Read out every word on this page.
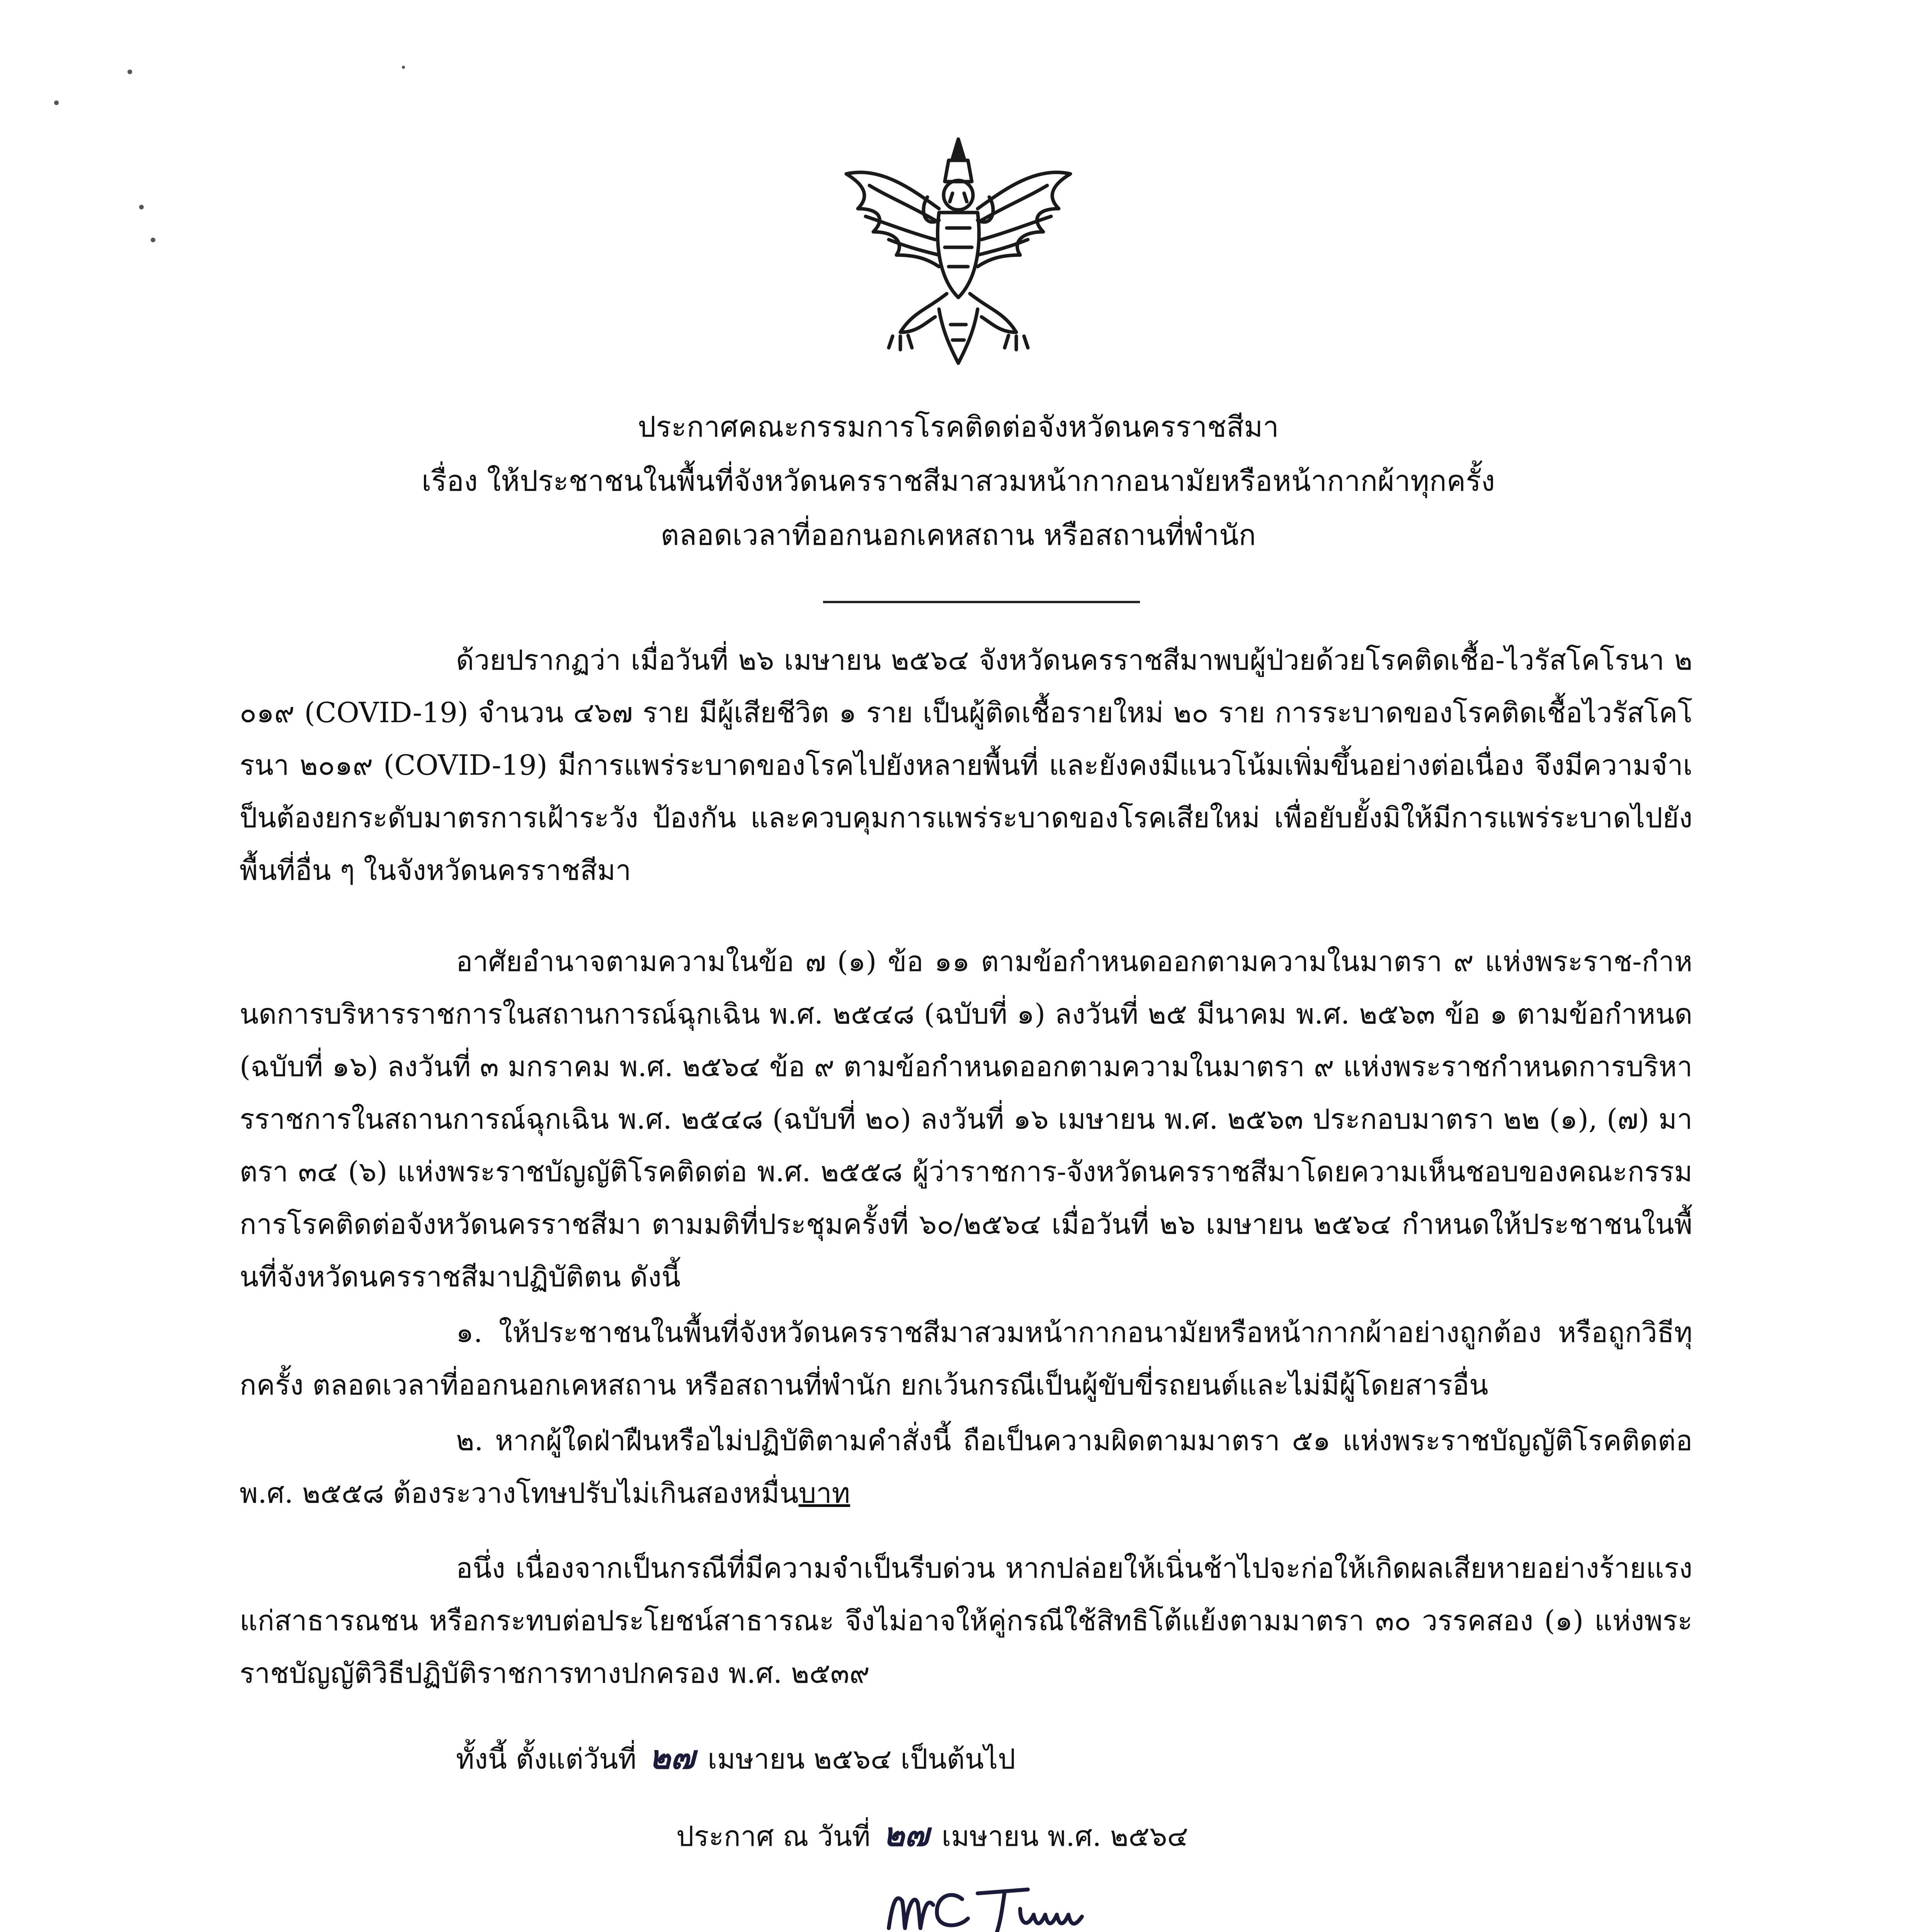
ประกาศคณะกรรมการโรคติดต่อจังหวัดนครราชสีมา
เรื่อง ให้ประชาชนในพื้นที่จังหวัดนครราชสีมาสวมหน้ากากอนามัยหรือหน้ากากผ้าทุกครั้ง
ตลอดเวลาที่ออกนอกเคหสถาน หรือสถานที่พำนัก
ด้วยปรากฏว่า เมื่อวันที่ ๒๖ เมษายน ๒๕๖๔ จังหวัดนครราชสีมาพบผู้ป่วยด้วยโรคติดเชื้อ-ไวรัสโคโรนา ๒๐๑๙ (COVID-19) จำนวน ๔๖๗ ราย มีผู้เสียชีวิต ๑ ราย เป็นผู้ติดเชื้อรายใหม่ ๒๐ ราย การระบาดของโรคติดเชื้อไวรัสโคโรนา ๒๐๑๙ (COVID-19) มีการแพร่ระบาดของโรคไปยังหลายพื้นที่ และยังคงมีแนวโน้มเพิ่มขึ้นอย่างต่อเนื่อง จึงมีความจำเป็นต้องยกระดับมาตรการเฝ้าระวัง ป้องกัน และควบคุมการแพร่ระบาดของโรคเสียใหม่ เพื่อยับยั้งมิให้มีการแพร่ระบาดไปยังพื้นที่อื่น ๆ ในจังหวัดนครราชสีมา
อาศัยอำนาจตามความในข้อ ๗ (๑) ข้อ ๑๑ ตามข้อกำหนดออกตามความในมาตรา ๙ แห่งพระราช-กำหนดการบริหารราชการในสถานการณ์ฉุกเฉิน พ.ศ. ๒๕๔๘ (ฉบับที่ ๑) ลงวันที่ ๒๕ มีนาคม พ.ศ. ๒๕๖๓ ข้อ ๑ ตามข้อกำหนด (ฉบับที่ ๑๖) ลงวันที่ ๓ มกราคม พ.ศ. ๒๕๖๔ ข้อ ๙ ตามข้อกำหนดออกตามความในมาตรา ๙ แห่งพระราชกำหนดการบริหารราชการในสถานการณ์ฉุกเฉิน พ.ศ. ๒๕๔๘ (ฉบับที่ ๒๐) ลงวันที่ ๑๖ เมษายน พ.ศ. ๒๕๖๓ ประกอบมาตรา ๒๒ (๑), (๗) มาตรา ๓๔ (๖) แห่งพระราชบัญญัติโรคติดต่อ พ.ศ. ๒๕๕๘ ผู้ว่าราชการ-จังหวัดนครราชสีมาโดยความเห็นชอบของคณะกรรมการโรคติดต่อจังหวัดนครราชสีมา ตามมติที่ประชุมครั้งที่ ๖๐/๒๕๖๔ เมื่อวันที่ ๒๖ เมษายน ๒๕๖๔ กำหนดให้ประชาชนในพื้นที่จังหวัดนครราชสีมาปฏิบัติตน ดังนี้
๑. ให้ประชาชนในพื้นที่จังหวัดนครราชสีมาสวมหน้ากากอนามัยหรือหน้ากากผ้าอย่างถูกต้อง หรือถูกวิธีทุกครั้ง ตลอดเวลาที่ออกนอกเคหสถาน หรือสถานที่พำนัก ยกเว้นกรณีเป็นผู้ขับขี่รถยนต์และไม่มีผู้โดยสารอื่น
๒. หากผู้ใดฝ่าฝืนหรือไม่ปฏิบัติตามคำสั่งนี้ ถือเป็นความผิดตามมาตรา ๕๑ แห่งพระราชบัญญัติโรคติดต่อ พ.ศ. ๒๕๕๘ ต้องระวางโทษปรับไม่เกินสองหมื่นบาท
อนึ่ง เนื่องจากเป็นกรณีที่มีความจำเป็นรีบด่วน หากปล่อยให้เนิ่นช้าไปจะก่อให้เกิดผลเสียหายอย่างร้ายแรงแก่สาธารณชน หรือกระทบต่อประโยชน์สาธารณะ จึงไม่อาจให้คู่กรณีใช้สิทธิโต้แย้งตามมาตรา ๓๐ วรรคสอง (๑) แห่งพระราชบัญญัติวิธีปฏิบัติราชการทางปกครอง พ.ศ. ๒๕๓๙
ทั้งนี้ ตั้งแต่วันที่ ๒๗ เมษายน ๒๕๖๔ เป็นต้นไป
ประกาศ ณ วันที่ ๒๗ เมษายน พ.ศ. ๒๕๖๔
